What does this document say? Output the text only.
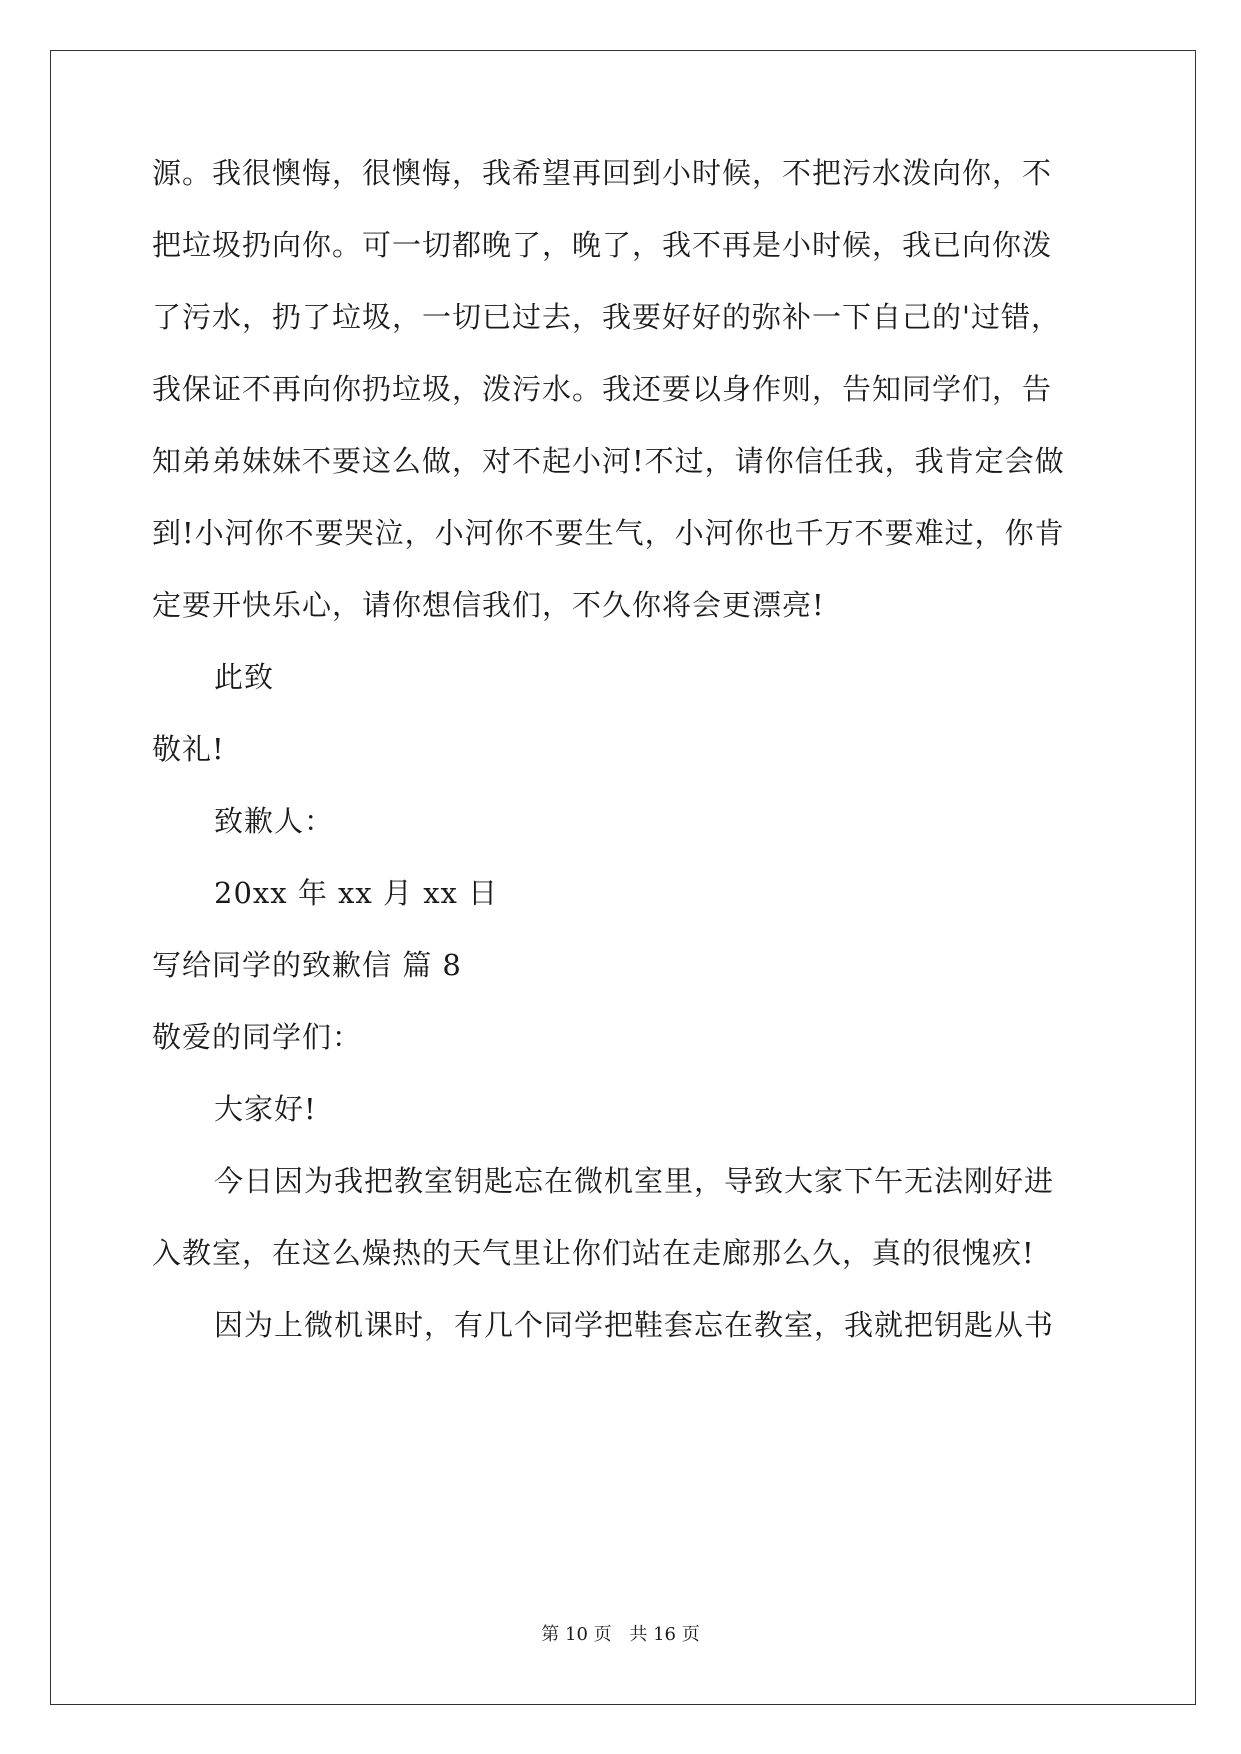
源。我很懊悔，很懊悔，我希望再回到小时候，不把污水泼向你，不
把垃圾扔向你。可一切都晚了，晚了，我不再是小时候，我已向你泼
了污水，扔了垃圾，一切已过去，我要好好的弥补一下自己的'过错，
我保证不再向你扔垃圾，泼污水。我还要以身作则，告知同学们，告
知弟弟妹妹不要这么做，对不起小河!不过，请你信任我，我肯定会做
到!小河你不要哭泣，小河你不要生气，小河你也千万不要难过，你肯
定要开快乐心，请你想信我们，不久你将会更漂亮!
此致
敬礼!
致歉人：
20xx 年 xx 月 xx 日
写给同学的致歉信 篇 8
敬爱的同学们：
大家好!
今日因为我把教室钥匙忘在微机室里，导致大家下午无法刚好进
入教室，在这么燥热的天气里让你们站在走廊那么久，真的很愧疚!
因为上微机课时，有几个同学把鞋套忘在教室，我就把钥匙从书
第 10 页 共 16 页
